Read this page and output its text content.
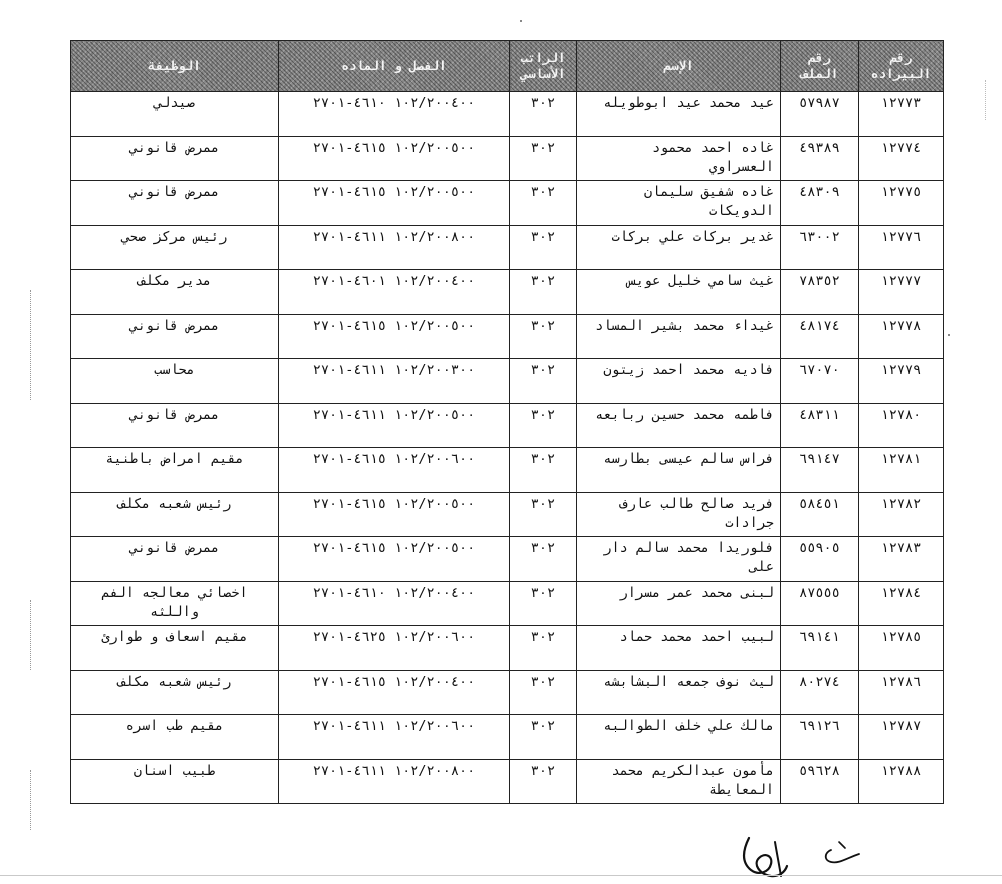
رقم البيراده	رقم الملف	الإسم	الراتب الأساسي	الفصل و الماده	الوظيفة
١٢٧٧٣	٥٧٩٨٧	عيد محمد عيد ابوطويله	٣٠٢	١٠٢/٢٠٠٤٠٠ ٤٦١٠-٢٧٠١	صيدلي
١٢٧٧٤	٤٩٣٨٩	غاده احمد محمود العسراوي	٣٠٢	١٠٢/٢٠٠٥٠٠ ٤٦١٥-٢٧٠١	ممرض قانوني
١٢٧٧٥	٤٨٣٠٩	غاده شفيق سليمان الدويكات	٣٠٢	١٠٢/٢٠٠٥٠٠ ٤٦١٥-٢٧٠١	ممرض قانوني
١٢٧٧٦	٦٣٠٠٢	غدير بركات علي بركات	٣٠٢	١٠٢/٢٠٠٨٠٠ ٤٦١١-٢٧٠١	رئيس مركز صحي
١٢٧٧٧	٧٨٣٥٢	غيث سامي خليل عويس	٣٠٢	١٠٢/٢٠٠٤٠٠ ٤٦٠١-٢٧٠١	مدير مكلف
١٢٧٧٨	٤٨١٧٤	غيداء محمد بشير المساد	٣٠٢	١٠٢/٢٠٠٥٠٠ ٤٦١٥-٢٧٠١	ممرض قانوني
١٢٧٧٩	٦٧٠٧٠	فاديه محمد احمد زيتون	٣٠٢	١٠٢/٢٠٠٣٠٠ ٤٦١١-٢٧٠١	محاسب
١٢٧٨٠	٤٨٣١١	فاطمه محمد حسين ربابعه	٣٠٢	١٠٢/٢٠٠٥٠٠ ٤٦١١-٢٧٠١	ممرض قانوني
١٢٧٨١	٦٩١٤٧	فراس سالم عيسى بطارسه	٣٠٢	١٠٢/٢٠٠٦٠٠ ٤٦١٥-٢٧٠١	مقيم امراض باطنية
١٢٧٨٢	٥٨٤٥١	فريد صالح طالب عارف جرادات	٣٠٢	١٠٢/٢٠٠٥٠٠ ٤٦١٥-٢٧٠١	رئيس شعبه مكلف
١٢٧٨٣	٥٥٩٠٥	فلوريدا محمد سالم دار على	٣٠٢	١٠٢/٢٠٠٥٠٠ ٤٦١٥-٢٧٠١	ممرض قانوني
١٢٧٨٤	٨٧٥٥٥	لبنى محمد عمر مسرار	٣٠٢	١٠٢/٢٠٠٤٠٠ ٤٦١٠-٢٧٠١	اخصائي معالجه الفم واللثه
١٢٧٨٥	٦٩١٤١	لبيب احمد محمد حماد	٣٠٢	١٠٢/٢٠٠٦٠٠ ٤٦٢٥-٢٧٠١	مقيم اسعاف و طوارئ
١٢٧٨٦	٨٠٢٧٤	ليث نوف جمعه البشابشه	٣٠٢	١٠٢/٢٠٠٤٠٠ ٤٦١٥-٢٧٠١	رئيس شعبه مكلف
١٢٧٨٧	٦٩١٢٦	مالك علي خلف الطوالبه	٣٠٢	١٠٢/٢٠٠٦٠٠ ٤٦١١-٢٧٠١	مقيم طب اسره
١٢٧٨٨	٥٩٦٢٨	مأمون عبدالكريم محمد المعايطة	٣٠٢	١٠٢/٢٠٠٨٠٠ ٤٦١١-٢٧٠١	طبيب اسنان
